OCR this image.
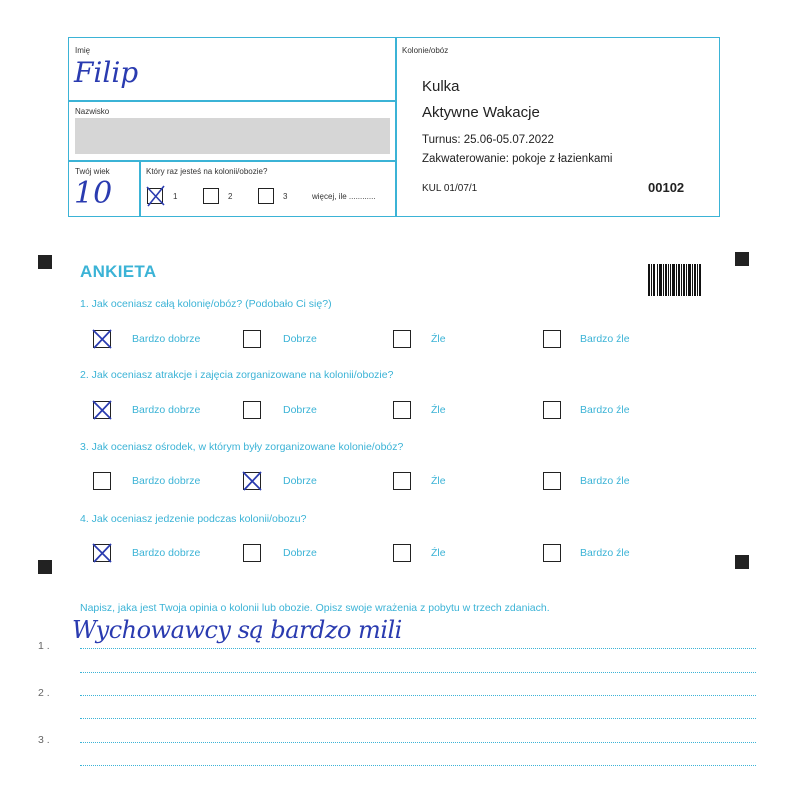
Imię
Filip
Nazwisko
Twój wiek
10
Który raz jesteś na kolonii/obozie?
1	2	3	więcej, ile ............
Kolonie/obóz
Kulka
Aktywne Wakacje
Turnus: 25.06-05.07.2022
Zakwaterowanie: pokoje z łazienkami
KUL 01/07/1	00102
ANKIETA
1. Jak oceniasz całą kolonię/obóz? (Podobało Ci się?)
Bardzo dobrze	Dobrze	Źle	Bardzo źle
2. Jak oceniasz atrakcje i zajęcia zorganizowane na kolonii/obozie?
Bardzo dobrze	Dobrze	Źle	Bardzo źle
3. Jak oceniasz ośrodek, w którym były zorganizowane kolonie/obóz?
Bardzo dobrze	Dobrze	Źle	Bardzo źle
4. Jak oceniasz jedzenie podczas kolonii/obozu?
Bardzo dobrze	Dobrze	Źle	Bardzo źle
Napisz, jaka jest Twoja opinia o kolonii lub obozie. Opisz swoje wrażenia z pobytu w trzech zdaniach.
1 .
2 .
3 .
Wychowawcy są bardzo mili
